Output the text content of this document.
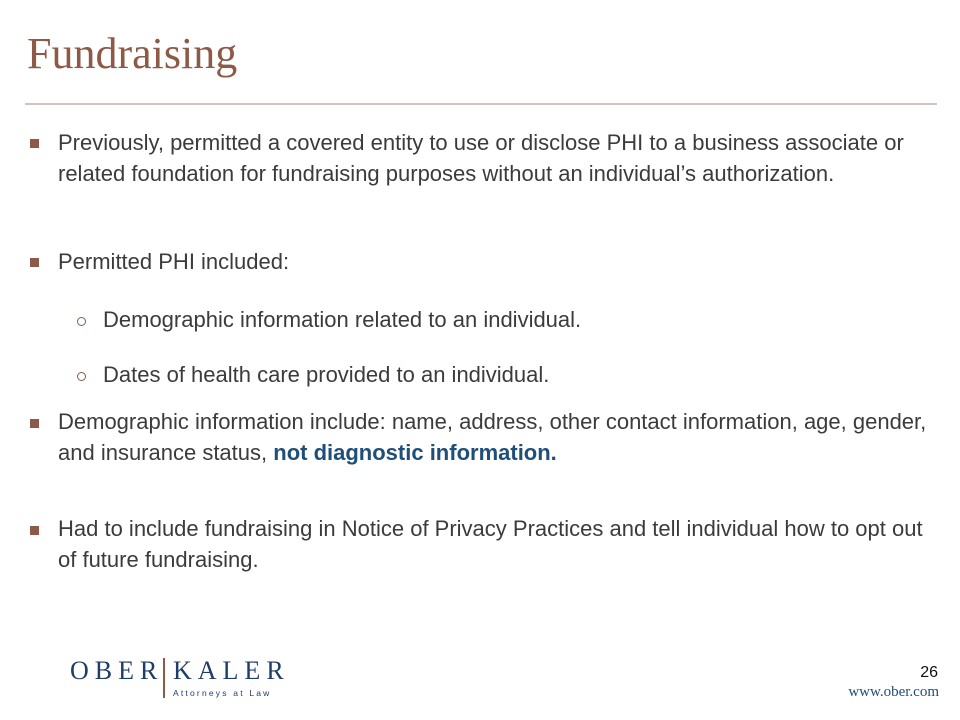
Fundraising
Previously, permitted a covered entity to use or disclose PHI to a business associate or related foundation for fundraising purposes without an individual’s authorization.
Permitted PHI included:
Demographic information related to an individual.
Dates of health care provided to an individual.
Demographic information include: name, address, other contact information, age, gender, and insurance status, not diagnostic information.
Had to include fundraising in Notice of Privacy Practices and tell individual how to opt out of future fundraising.
OBER KALER
Attorneys at Law
26
www.ober.com
